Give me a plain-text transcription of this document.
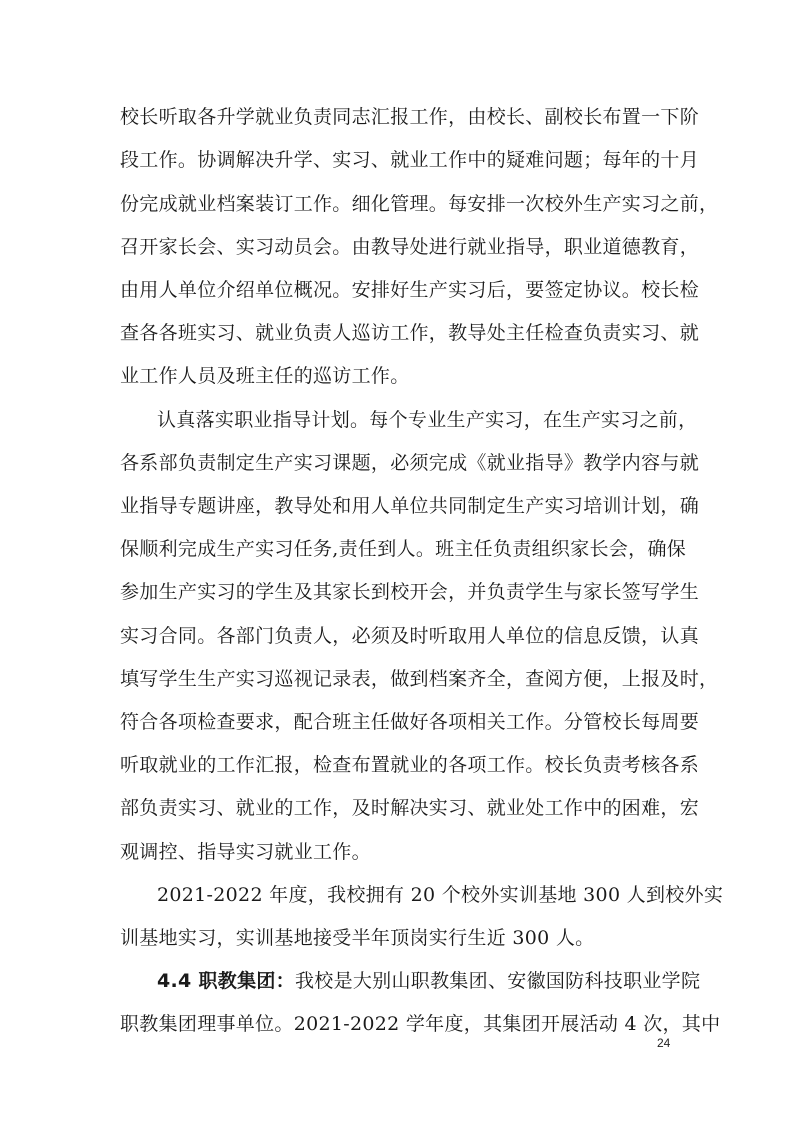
校长听取各升学就业负责同志汇报工作，由校长、副校长布置一下阶
段工作。协调解决升学、实习、就业工作中的疑难问题；每年的十月
份完成就业档案装订工作。细化管理。每安排一次校外生产实习之前，
召开家长会、实习动员会。由教导处进行就业指导，职业道德教育，
由用人单位介绍单位概况。安排好生产实习后，要签定协议。校长检
查各各班实习、就业负责人巡访工作，教导处主任检查负责实习、就
业工作人员及班主任的巡访工作。
认真落实职业指导计划。每个专业生产实习，在生产实习之前，
各系部负责制定生产实习课题，必须完成《就业指导》教学内容与就
业指导专题讲座，教导处和用人单位共同制定生产实习培训计划，确
保顺利完成生产实习任务,责任到人。班主任负责组织家长会，确保
参加生产实习的学生及其家长到校开会，并负责学生与家长签写学生
实习合同。各部门负责人，必须及时听取用人单位的信息反馈，认真
填写学生生产实习巡视记录表，做到档案齐全，查阅方便，上报及时，
符合各项检查要求，配合班主任做好各项相关工作。分管校长每周要
听取就业的工作汇报，检查布置就业的各项工作。校长负责考核各系
部负责实习、就业的工作，及时解决实习、就业处工作中的困难，宏
观调控、指导实习就业工作。
2021-2022 年度，我校拥有 20 个校外实训基地 300 人到校外实
训基地实习，实训基地接受半年顶岗实行生近 300 人。
4.4 职教集团：我校是大别山职教集团、安徽国防科技职业学院
职教集团理事单位。2021-2022 学年度，其集团开展活动 4 次，其中
24
